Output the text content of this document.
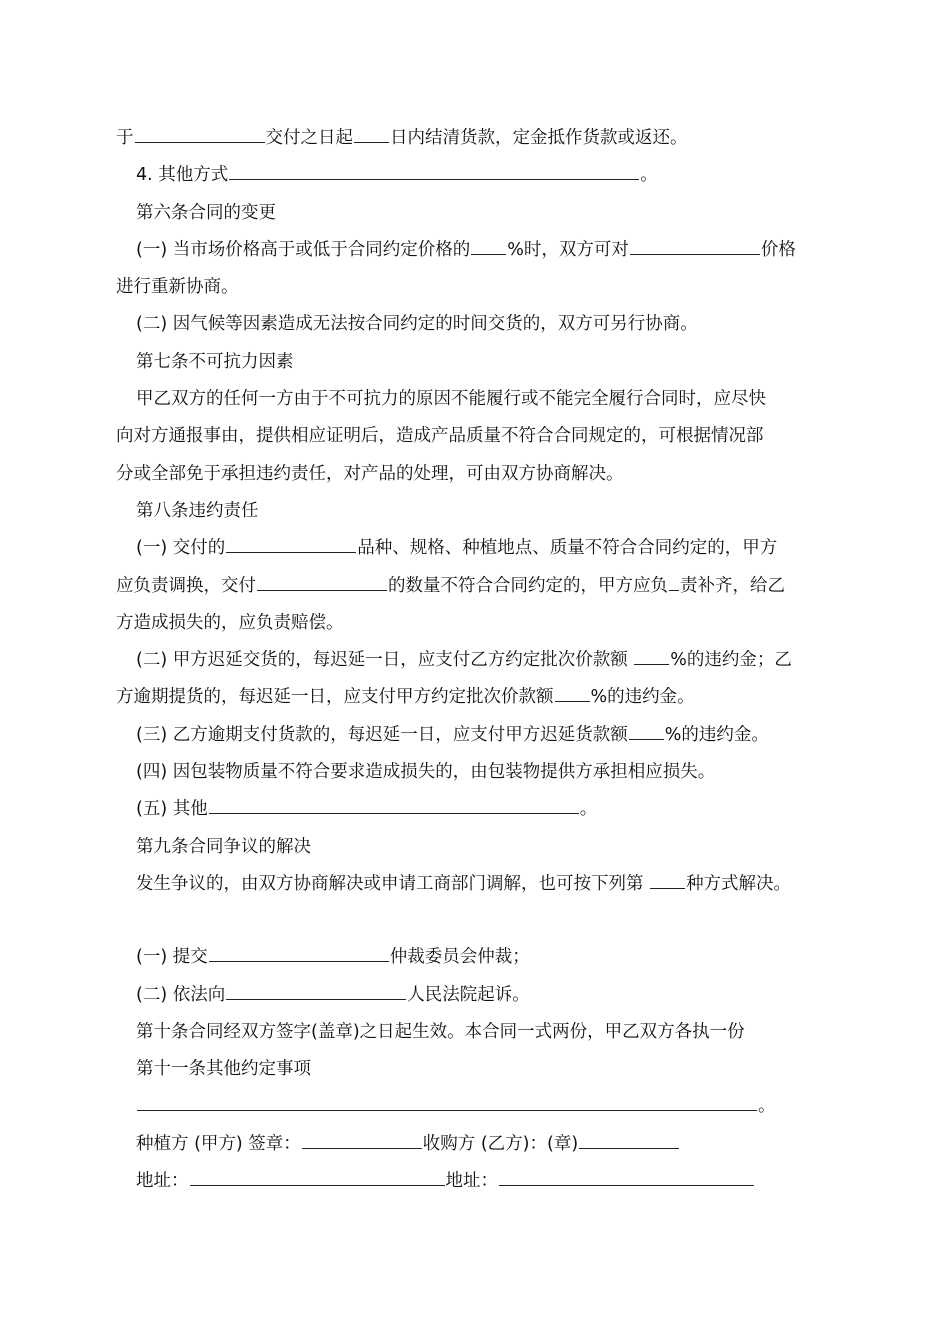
于	交付之日起 日内结清货款，定金抵作货款或返还。
4. 其他方式	。
第六条合同的变更
(一) 当市场价格高于或低于合同约定价格的 %时，双方可对	价格
进行重新协商。
(二) 因气候等因素造成无法按合同约定的时间交货的，双方可另行协商。
第七条不可抗力因素
甲乙双方的任何一方由于不可抗力的原因不能履行或不能完全履行合同时，应尽快
向对方通报事由，提供相应证明后，造成产品质量不符合合同规定的，可根据情况部
分或全部免于承担违约责任，对产品的处理，可由双方协商解决。
第八条违约责任
(一) 交付的	品种、规格、种植地点、质量不符合合同约定的，甲方
应负责调换，交付	的数量不符合合同约定的，甲方应负 责补齐，给乙
方造成损失的，应负责赔偿。
(二) 甲方迟延交货的，每迟延一日，应支付乙方约定批次价款额 %的违约金；乙
方逾期提货的，每迟延一日，应支付甲方约定批次价款额 %的违约金。
(三) 乙方逾期支付货款的，每迟延一日，应支付甲方迟延货款额 %的违约金。
(四) 因包装物质量不符合要求造成损失的，由包装物提供方承担相应损失。
(五) 其他	。
第九条合同争议的解决
发生争议的，由双方协商解决或申请工商部门调解，也可按下列第 种方式解决。
(一) 提交	仲裁委员会仲裁；
(二) 依法向	人民法院起诉。
第十条合同经双方签字(盖章)之日起生效。本合同一式两份，甲乙双方各执一份
第十一条其他约定事项
。
种植方 (甲方) 签章：	收购方 (乙方)：(章)
地址：	地址：
